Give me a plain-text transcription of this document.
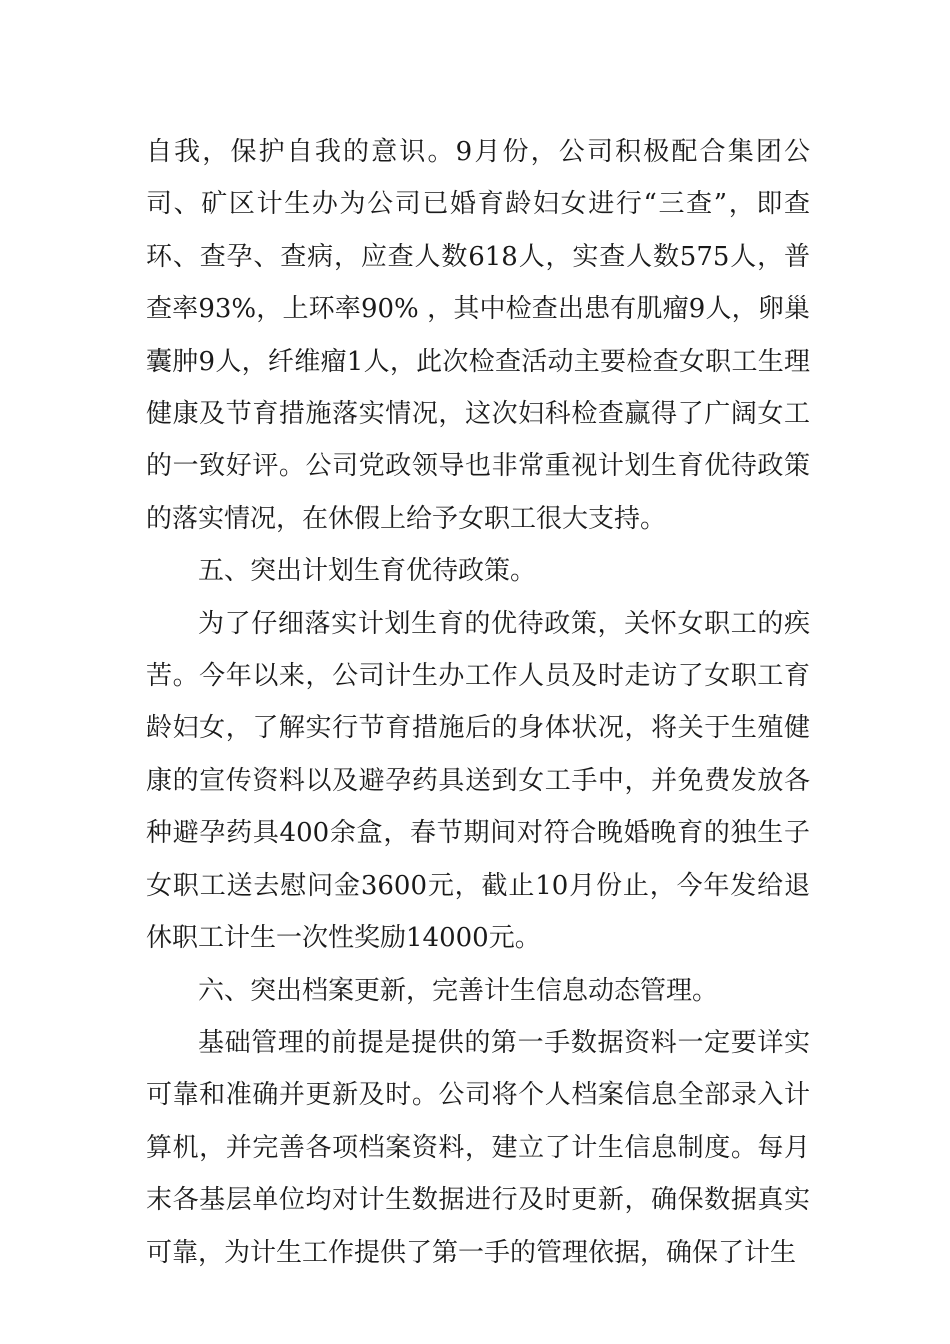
自我，保护自我的意识。9月份，公司积极配合集团公司、矿区计生办为公司已婚育龄妇女进行“三查”，即查环、查孕、查病，应查人数618人，实查人数575人，普查率93%，上环率90% ，其中检查出患有肌瘤9人，卵巢囊肿9人，纤维瘤1人，此次检查活动主要检查女职工生理健康及节育措施落实情况，这次妇科检查赢得了广阔女工的一致好评。公司党政领导也非常重视计划生育优待政策的落实情况，在休假上给予女职工很大支持。

五、突出计划生育优待政策。

为了仔细落实计划生育的优待政策，关怀女职工的疾苦。今年以来，公司计生办工作人员及时走访了女职工育龄妇女，了解实行节育措施后的身体状况，将关于生殖健康的宣传资料以及避孕药具送到女工手中，并免费发放各种避孕药具400余盒，春节期间对符合晚婚晚育的独生子女职工送去慰问金3600元，截止10月份止，今年发给退休职工计生一次性奖励14000元。

六、突出档案更新，完善计生信息动态管理。

基础管理的前提是提供的第一手数据资料一定要详实可靠和准确并更新及时。公司将个人档案信息全部录入计算机，并完善各项档案资料，建立了计生信息制度。每月末各基层单位均对计生数据进行及时更新，确保数据真实可靠，为计生工作提供了第一手的管理依据，确保了计生
